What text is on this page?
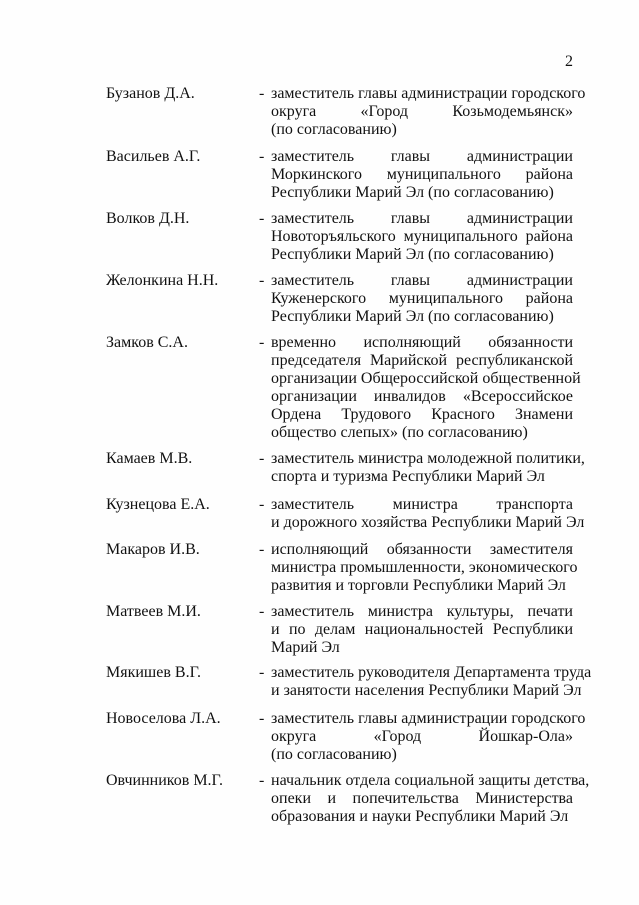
2
Бузанов Д.А.	- заместитель главы администрации городского
округа «Город Козьмодемьянск»
(по согласованию)
Васильев А.Г.	- заместитель главы администрации
Моркинского муниципального района
Республики Марий Эл (по согласованию)
Волков Д.Н.	- заместитель главы администрации
Новоторъяльского муниципального района
Республики Марий Эл (по согласованию)
Желонкина Н.Н.	- заместитель главы администрации
Куженерского муниципального района
Республики Марий Эл (по согласованию)
Замков С.А.	- временно исполняющий обязанности
председателя Марийской республиканской
организации Общероссийской общественной
организации инвалидов «Всероссийское
Ордена Трудового Красного Знамени
общество слепых» (по согласованию)
Камаев М.В.	- заместитель министра молодежной политики,
спорта и туризма Республики Марий Эл
Кузнецова Е.А.	- заместитель министра транспорта
и дорожного хозяйства Республики Марий Эл
Макаров И.В.	- исполняющий обязанности заместителя
министра промышленности, экономического
развития и торговли Республики Марий Эл
Матвеев М.И.	- заместитель министра культуры, печати
и по делам национальностей Республики
Марий Эл
Мякишев В.Г.	- заместитель руководителя Департамента труда
и занятости населения Республики Марий Эл
Новоселова Л.А. - заместитель главы администрации городского
округа «Город Йошкар-Ола»
(по согласованию)
Овчинников М.Г. - начальник отдела социальной защиты детства,
опеки и попечительства Министерства
образования и науки Республики Марий Эл
